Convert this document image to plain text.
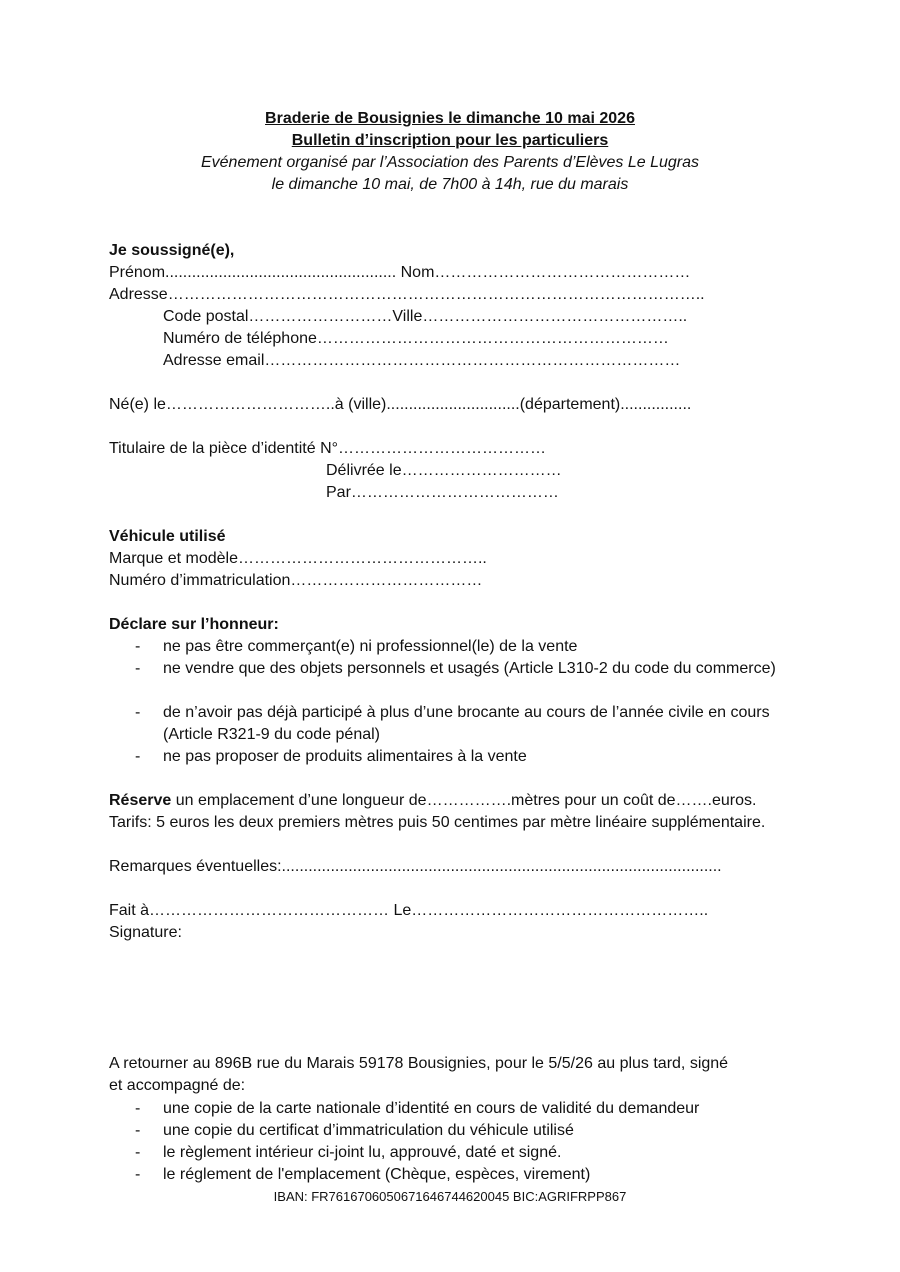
Braderie de Bousignies le dimanche 10 mai 2026
Bulletin d’inscription pour les particuliers
Evénement organisé par l’Association des Parents d’Elèves Le Lugras
le dimanche 10 mai, de 7h00 à 14h, rue du marais
Je soussigné(e),
Prénom.................................................... Nom…………………………………………
Adresse………………………………………………………………………………………..
Code postal………………………Ville…………………………………………..
Numéro de téléphone…………………………………………………………
Adresse email……………………………………………………………………
Né(e) le…………………………..à (ville)..............................(département)................
Titulaire de la pièce d’identité N°…………………………………
Délivrée le…………………………
Par…………………………………
Véhicule utilisé
Marque et modèle………………………………………..
Numéro d’immatriculation………………………………
Déclare sur l’honneur:
- ne pas être commerçant(e) ni professionnel(le) de la vente
- ne vendre que des objets personnels et usagés (Article L310-2 du code du commerce)
- de n’avoir pas déjà participé à plus d’une brocante au cours de l’année civile en cours (Article R321-9 du code pénal)
- ne pas proposer de produits alimentaires à la vente
Réserve un emplacement d’une longueur de…………….mètres pour un coût de…….euros.
Tarifs: 5 euros les deux premiers mètres puis 50 centimes par mètre linéaire supplémentaire.
Remarques éventuelles:...................................................................................................
Fait à……………………………………… Le………………………………………………..
Signature:
A retourner au 896B rue du Marais 59178 Bousignies, pour le 5/5/26 au plus tard, signé
et accompagné de:
- une copie de la carte nationale d’identité en cours de validité du demandeur
- une copie du certificat d’immatriculation du véhicule utilisé
- le règlement intérieur ci-joint lu, approuvé, daté et signé.
- le réglement de l'emplacement (Chèque, espèces, virement)
IBAN: FR7616706050671646744620045 BIC:AGRIFRPP867
